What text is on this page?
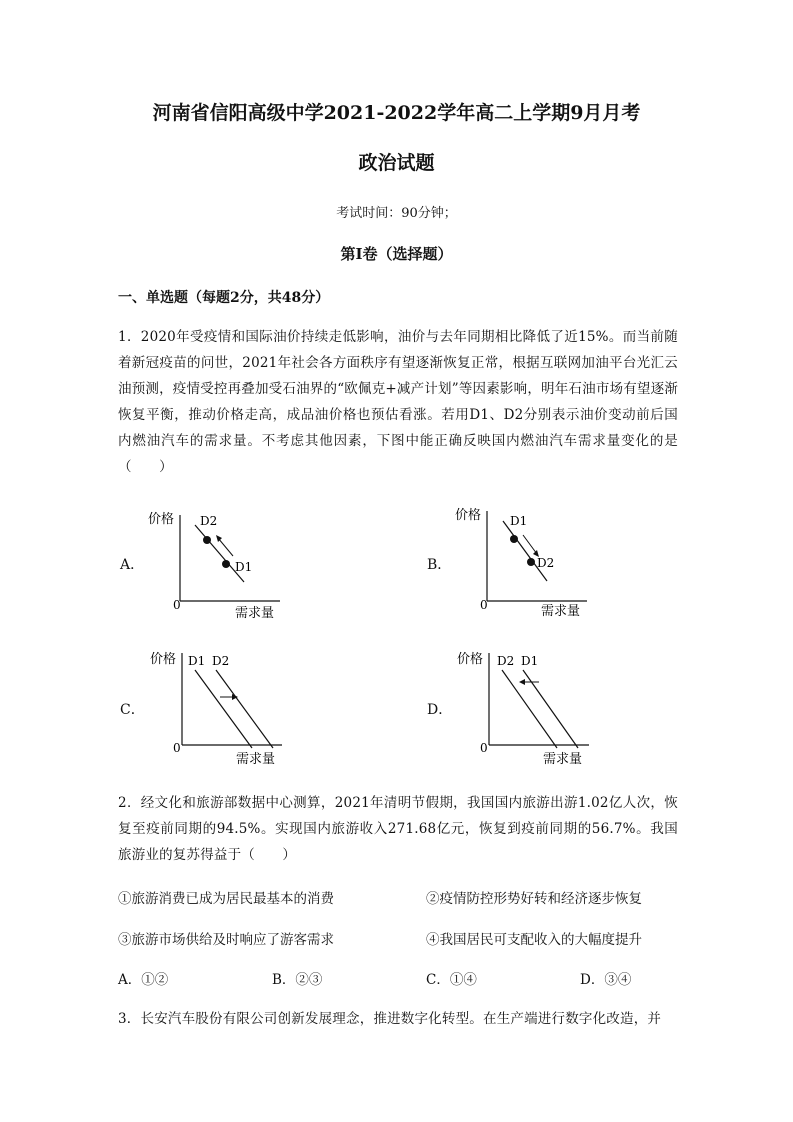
河南省信阳高级中学2021-2022学年高二上学期9月月考
政治试题
考试时间：90分钟；
第I卷（选择题）
一、单选题（每题2分，共48分）
1．2020年受疫情和国际油价持续走低影响，油价与去年同期相比降低了近15%。而当前随着新冠疫苗的问世，2021年社会各方面秩序有望逐渐恢复正常，根据互联网加油平台光汇云油预测，疫情受控再叠加受石油界的“欧佩克+减产计划”等因素影响，明年石油市场有望逐渐恢复平衡，推动价格走高，成品油价格也预估看涨。若用D1、D2分别表示油价变动前后国内燃油汽车的需求量。不考虑其他因素，下图中能正确反映国内燃油汽车需求量变化的是（　　）
A．
价格
0
需求量
D2
D1	B．
价格
0	需求量
D1
D2
C．
价格
0
需求量
D1 D2
D．
价格
0
需求量
D2 D1
2．经文化和旅游部数据中心测算，2021年清明节假期，我国国内旅游出游1.02亿人次，恢复至疫前同期的94.5%。实现国内旅游收入271.68亿元，恢复到疫前同期的56.7%。我国旅游业的复苏得益于（　　）
①旅游消费已成为居民最基本的消费	②疫情防控形势好转和经济逐步恢复
③旅游市场供给及时响应了游客需求	④我国居民可支配收入的大幅度提升
A．①②	B．②③	C．①④	D．③④
3．长安汽车股份有限公司创新发展理念，推进数字化转型。在生产端进行数字化改造，并
